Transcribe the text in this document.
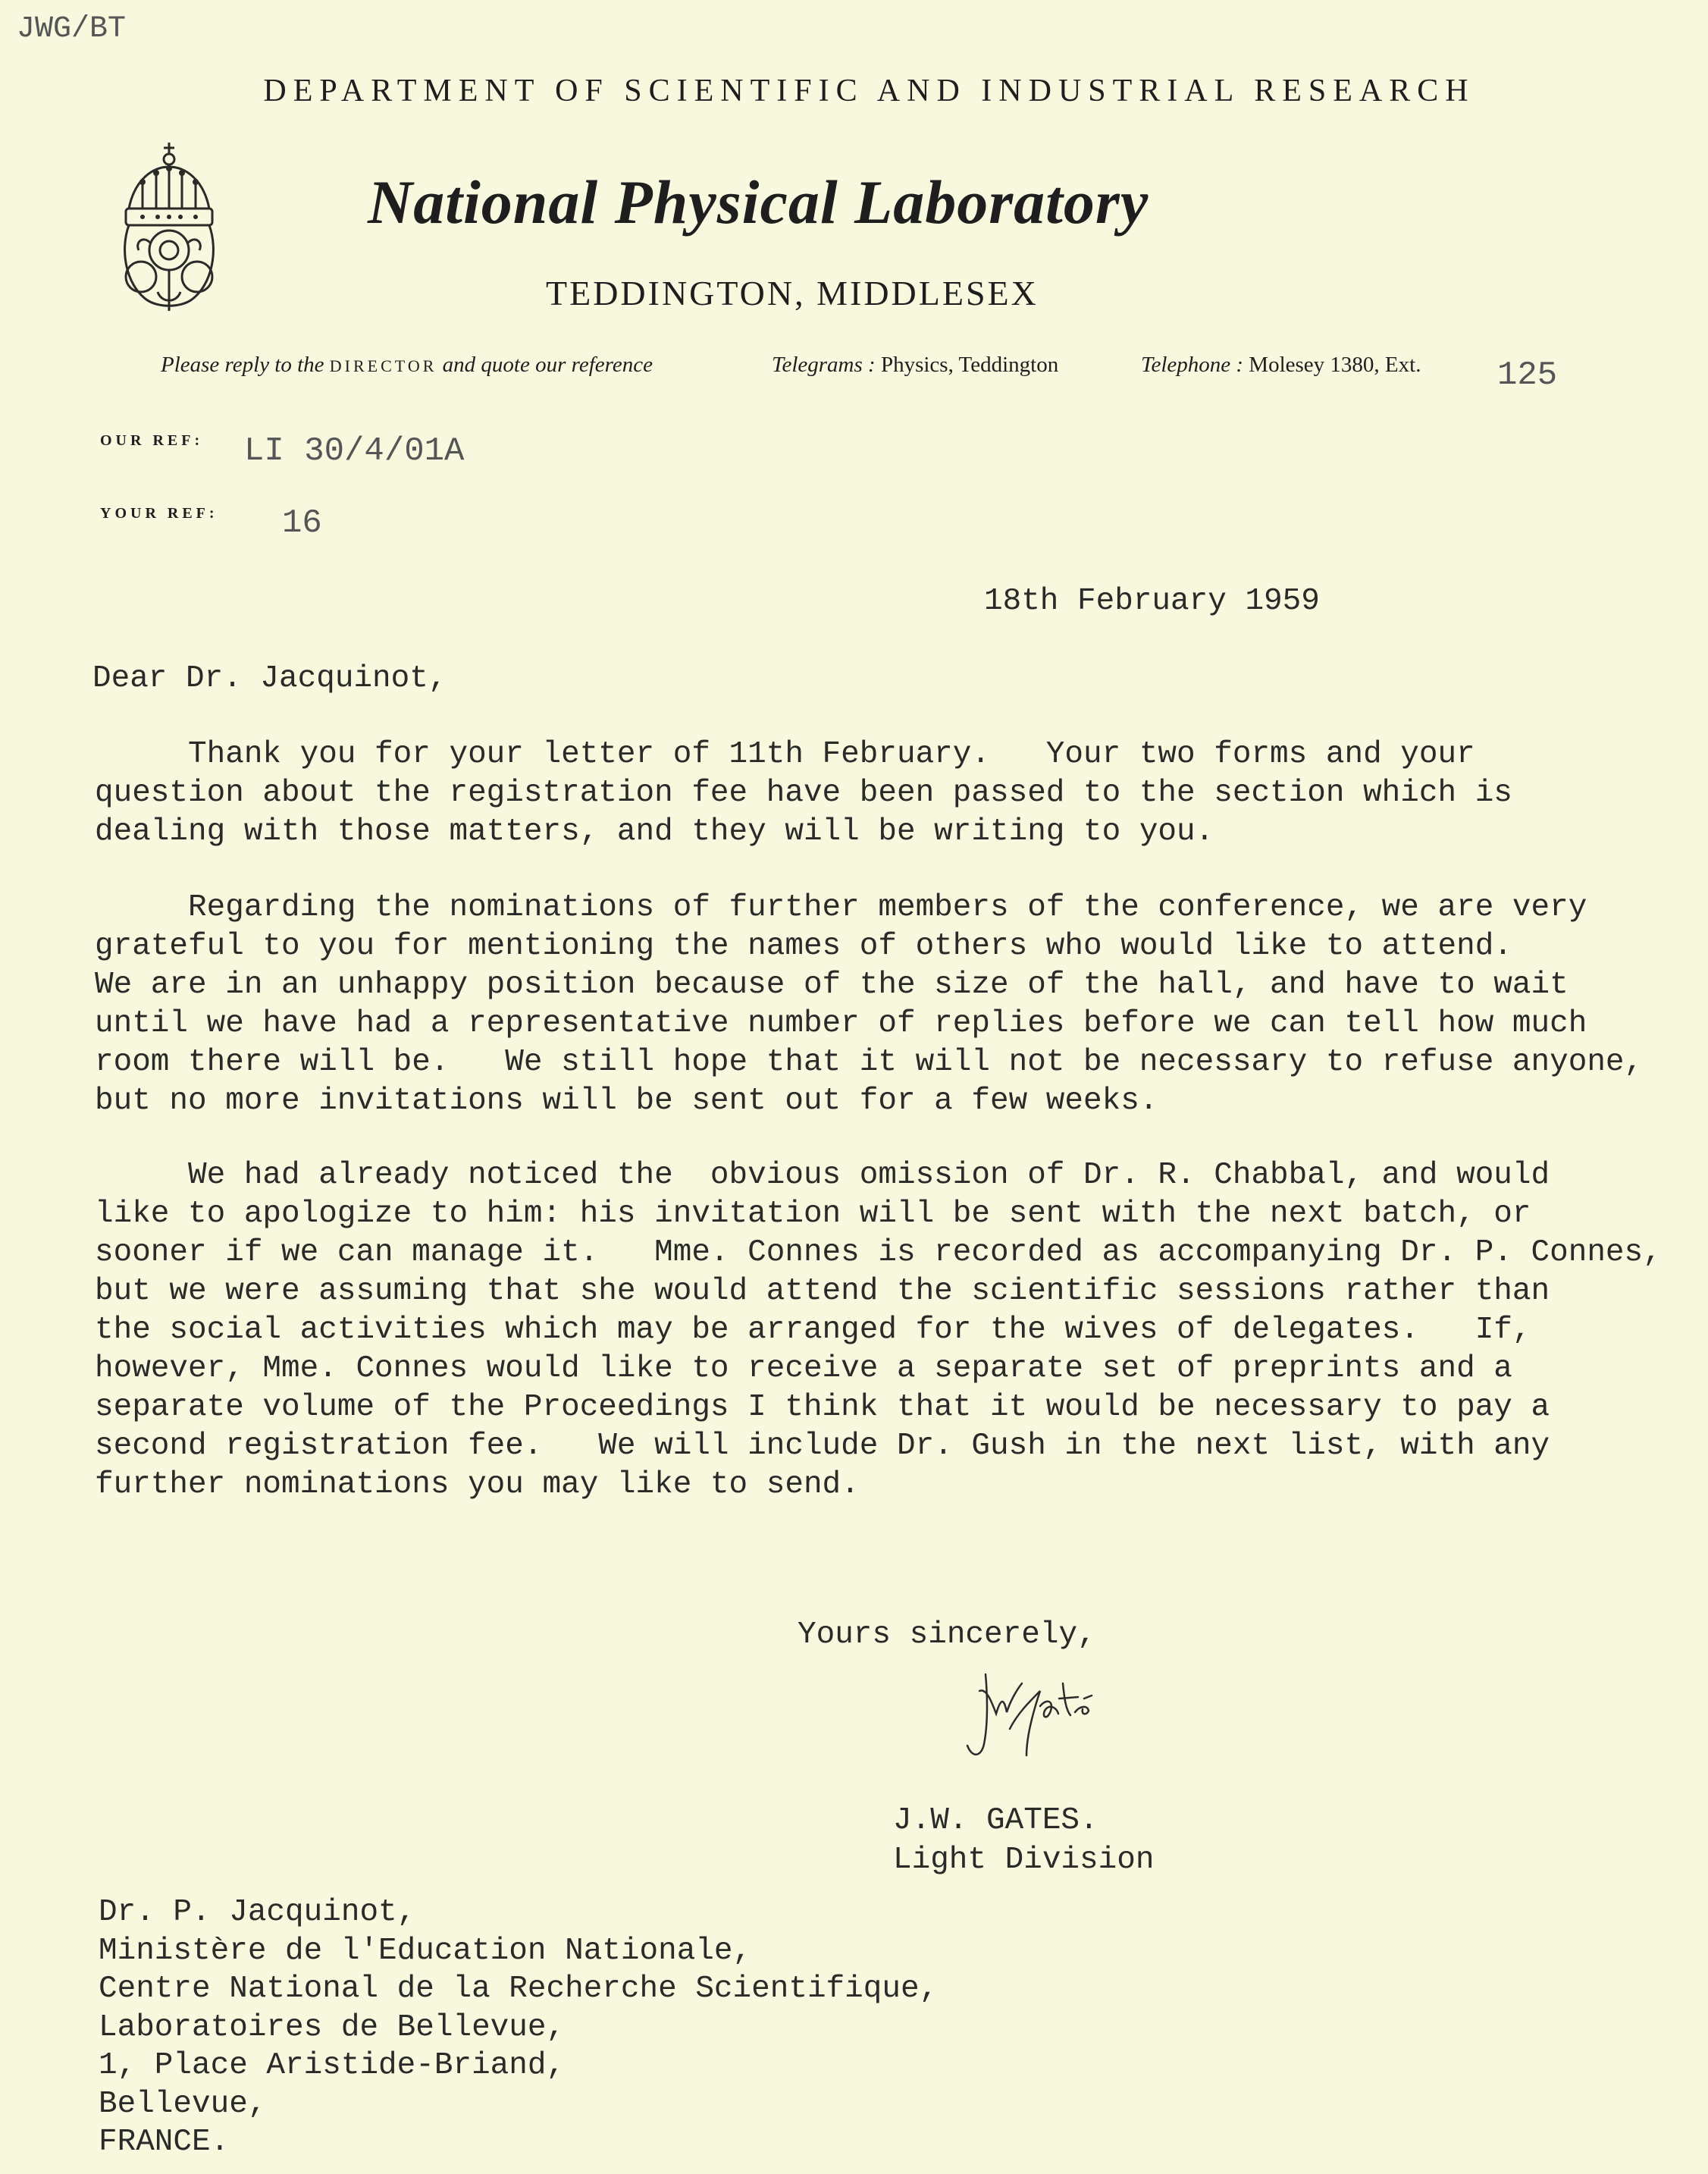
JWG/BT
DEPARTMENT OF SCIENTIFIC AND INDUSTRIAL RESEARCH
National Physical Laboratory
TEDDINGTON, MIDDLESEX
Please reply to the DIRECTOR and quote our reference	Telegrams : Physics, Teddington	Telephone : Molesey 1380, Ext. 125
OUR REF: LI 30/4/01A
YOUR REF: 16
18th February 1959
Dear Dr. Jacquinot,
Thank you for your letter of 11th February.   Your two forms and your
question about the registration fee have been passed to the section which is
dealing with those matters, and they will be writing to you.
Regarding the nominations of further members of the conference, we are very
grateful to you for mentioning the names of others who would like to attend.
We are in an unhappy position because of the size of the hall, and have to wait
until we have had a representative number of replies before we can tell how much
room there will be.   We still hope that it will not be necessary to refuse anyone,
but no more invitations will be sent out for a few weeks.
We had already noticed the  obvious omission of Dr. R. Chabbal, and would
like to apologize to him: his invitation will be sent with the next batch, or
sooner if we can manage it.   Mme. Connes is recorded as accompanying Dr. P. Connes,
but we were assuming that she would attend the scientific sessions rather than
the social activities which may be arranged for the wives of delegates.   If,
however, Mme. Connes would like to receive a separate set of preprints and a
separate volume of the Proceedings I think that it would be necessary to pay a
second registration fee.   We will include Dr. Gush in the next list, with any
further nominations you may like to send.
Yours sincerely,
J.W. GATES.
Light Division
Dr. P. Jacquinot,
Ministère de l'Education Nationale,
Centre National de la Recherche Scientifique,
Laboratoires de Bellevue,
1, Place Aristide-Briand,
Bellevue,
FRANCE.
